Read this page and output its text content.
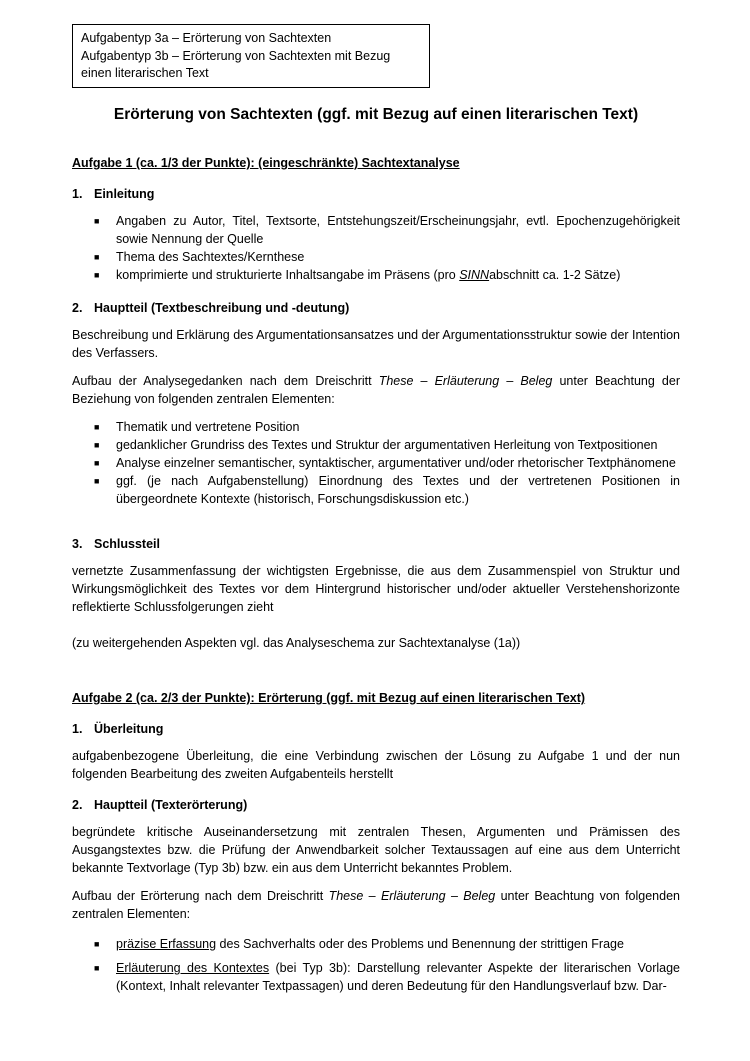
Aufgabentyp 3a – Erörterung von Sachtexten
Aufgabentyp 3b – Erörterung von Sachtexten mit Bezug
einen literarischen Text
Erörterung von Sachtexten (ggf. mit Bezug auf einen literarischen Text)
Aufgabe 1 (ca. 1/3 der Punkte): (eingeschränkte) Sachtextanalyse
1. Einleitung
■ Angaben zu Autor, Titel, Textsorte, Entstehungszeit/Erscheinungsjahr, evtl. Epochenzugehörigkeit sowie Nennung der Quelle
■ Thema des Sachtextes/Kernthese
■ komprimierte und strukturierte Inhaltsangabe im Präsens (pro SINNabschnitt ca. 1-2 Sätze)
2. Hauptteil (Textbeschreibung und -deutung)

Beschreibung und Erklärung des Argumentationsansatzes und der Argumentationsstruktur sowie der Intention des Verfassers.

Aufbau der Analysegedanken nach dem Dreischritt These – Erläuterung – Beleg unter Beachtung der Beziehung von folgenden zentralen Elementen:

■ Thematik und vertretene Position
■ gedanklicher Grundriss des Textes und Struktur der argumentativen Herleitung von Textpositionen
■ Analyse einzelner semantischer, syntaktischer, argumentativer und/oder rhetorischer Textphänomene
■ ggf. (je nach Aufgabenstellung) Einordnung des Textes und der vertretenen Positionen in übergeordnete Kontexte (historisch, Forschungsdiskussion etc.)
3. Schlussteil

vernetzte Zusammenfassung der wichtigsten Ergebnisse, die aus dem Zusammenspiel von Struktur und Wirkungsmöglichkeit des Textes vor dem Hintergrund historischer und/oder aktueller Verstehenshorizonte reflektierte Schlussfolgerungen zieht

(zu weitergehenden Aspekten vgl. das Analyseschema zur Sachtextanalyse (1a))

Aufgabe 2 (ca. 2/3 der Punkte): Erörterung (ggf. mit Bezug auf einen literarischen Text)
1. Überleitung

aufgabenbezogene Überleitung, die eine Verbindung zwischen der Lösung zu Aufgabe 1 und der nun folgenden Bearbeitung des zweiten Aufgabenteils herstellt

2. Hauptteil (Texterörterung)

begründete kritische Auseinandersetzung mit zentralen Thesen, Argumenten und Prämissen des Ausgangstextes bzw. die Prüfung der Anwendbarkeit solcher Textaussagen auf eine aus dem Unterricht bekannte Textvorlage (Typ 3b) bzw. ein aus dem Unterricht bekanntes Problem.

Aufbau der Erörterung nach dem Dreischritt These – Erläuterung – Beleg unter Beachtung von folgenden zentralen Elementen:

■ präzise Erfassung des Sachverhalts oder des Problems und Benennung der strittigen Frage
■ Erläuterung des Kontextes (bei Typ 3b): Darstellung relevanter Aspekte der literarischen Vorlage (Kontext, Inhalt relevanter Textpassagen) und deren Bedeutung für den Handlungsverlauf bzw. Dar-
